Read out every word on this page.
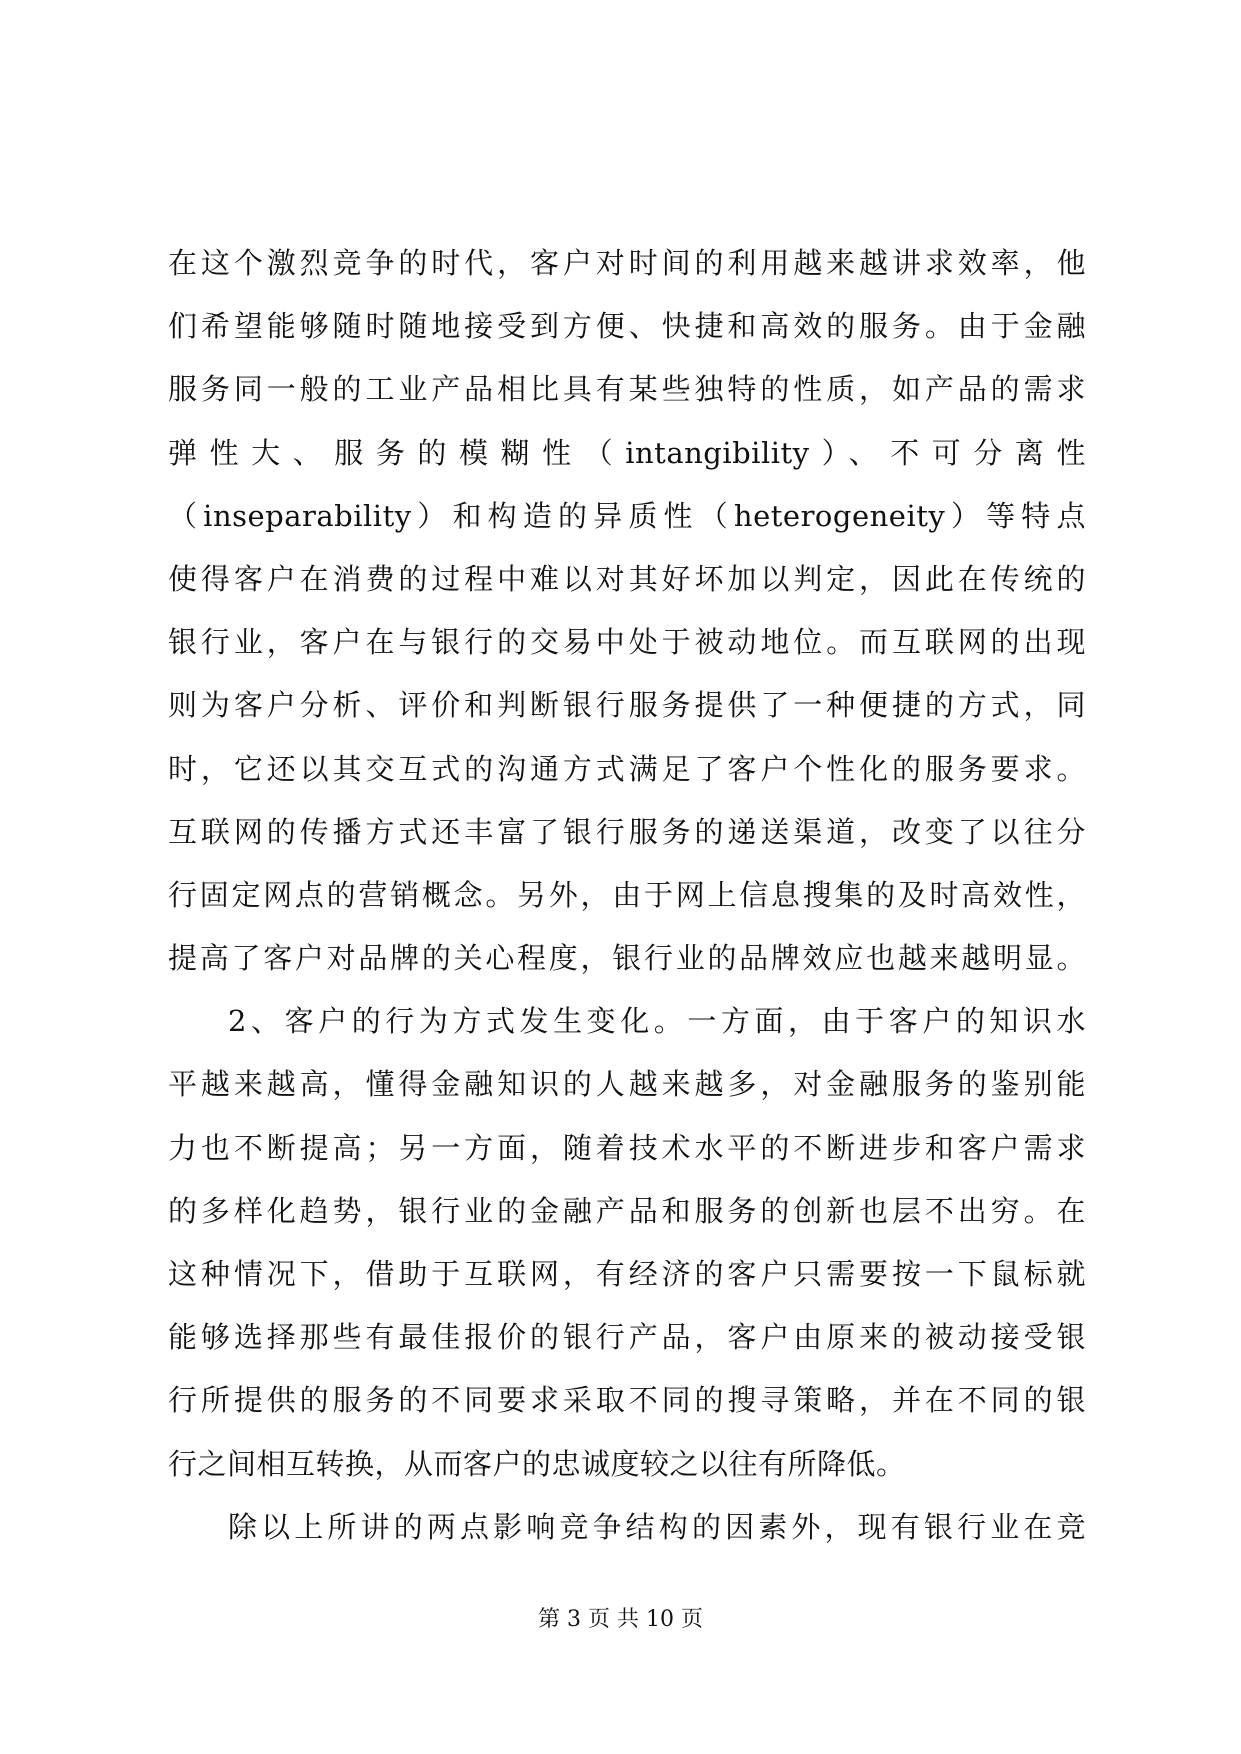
在这个激烈竞争的时代，客户对时间的利用越来越讲求效率，他
们希望能够随时随地接受到方便、快捷和高效的服务。由于金融
服务同一般的工业产品相比具有某些独特的性质，如产品的需求
弹性大、服务的模糊性（intangibility）、不可分离性
（inseparability）和构造的异质性（heterogeneity）等特点
使得客户在消费的过程中难以对其好坏加以判定，因此在传统的
银行业，客户在与银行的交易中处于被动地位。而互联网的出现
则为客户分析、评价和判断银行服务提供了一种便捷的方式，同
时，它还以其交互式的沟通方式满足了客户个性化的服务要求。
互联网的传播方式还丰富了银行服务的递送渠道，改变了以往分
行固定网点的营销概念。另外，由于网上信息搜集的及时高效性，
提高了客户对品牌的关心程度，银行业的品牌效应也越来越明显。
2、客户的行为方式发生变化。一方面，由于客户的知识水
平越来越高，懂得金融知识的人越来越多，对金融服务的鉴别能
力也不断提高；另一方面，随着技术水平的不断进步和客户需求
的多样化趋势，银行业的金融产品和服务的创新也层不出穷。在
这种情况下，借助于互联网，有经济的客户只需要按一下鼠标就
能够选择那些有最佳报价的银行产品，客户由原来的被动接受银
行所提供的服务的不同要求采取不同的搜寻策略，并在不同的银
行之间相互转换，从而客户的忠诚度较之以往有所降低。
除以上所讲的两点影响竞争结构的因素外，现有银行业在竞
第 3 页 共 10 页
